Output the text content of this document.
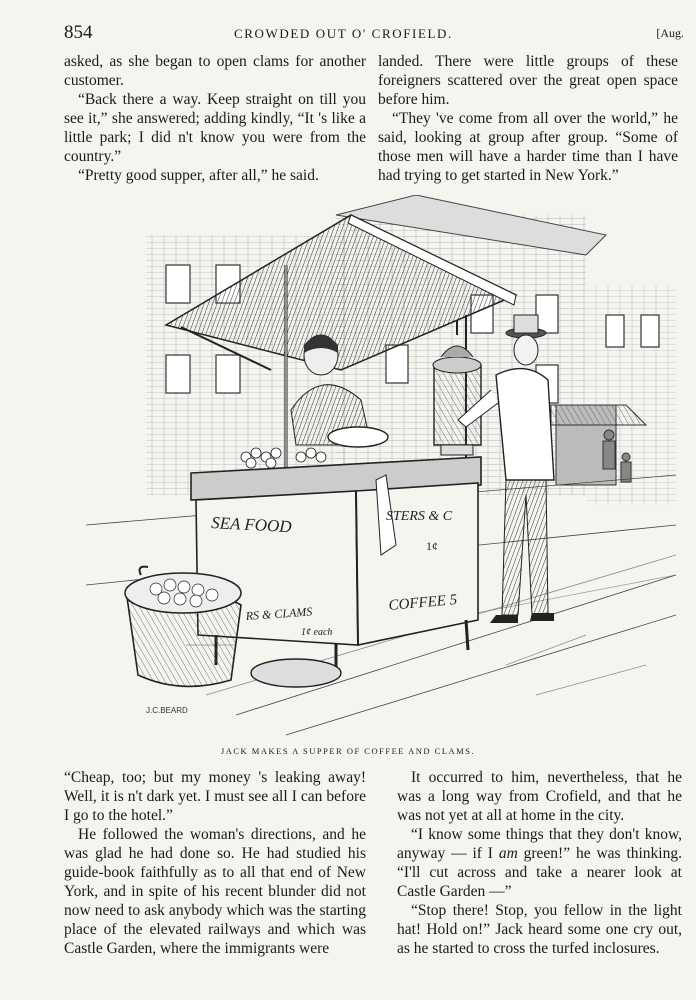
854	CROWDED OUT O' CROFIELD.	[Aug.

asked, as she began to open clams for another customer.

“Back there a way. Keep straight on till you see it,” she answered; adding kindly, “It 's like a little park; I did n't know you were from the country.”

“Pretty good supper, after all,” he said.

landed. There were little groups of these foreigners scattered over the great open space before him.

“They 've come from all over the world,” he said, looking at group after group. “Some of those men will have a harder time than I have had trying to get started in New York.”

SEA FOOD	STERS & C
1¢
RS & CLAMS
1¢ each
COFFEE 5
J.C.BEARD
JACK MAKES A SUPPER OF COFFEE AND CLAMS.

“Cheap, too; but my money 's leaking away! Well, it is n't dark yet. I must see all I can before I go to the hotel.”

He followed the woman's directions, and he was glad he had done so. He had studied his guide-book faithfully as to all that end of New York, and in spite of his recent blunder did not now need to ask anybody which was the starting place of the elevated railways and which was Castle Garden, where the immigrants were

It occurred to him, nevertheless, that he was a long way from Crofield, and that he was not yet at all at home in the city.

“I know some things that they don't know, anyway — if I am green!” he was thinking. “I'll cut across and take a nearer look at Castle Garden —”

“Stop there! Stop, you fellow in the light hat! Hold on!” Jack heard some one cry out, as he started to cross the turfed inclosures.
